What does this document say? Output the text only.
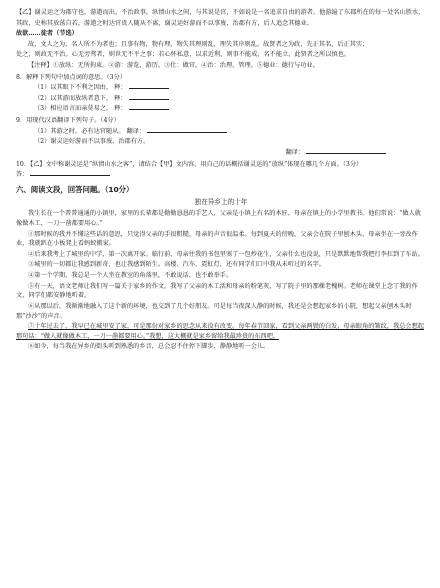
【乙】谢灵运之为郡守也，游遨而出，不治政事，纵情山水之间，与其说是官，不如说是一名追求自由的游者。他游遍了东郡所在的每一处名山胜水，
其政，史称其放荡自若，游遨之时达官贵人随从不离，谢灵运好游而不以事废，治郡有方，后人追念其德业。
故欲……徒者（节选）
故，文人之为，名人所不为者也；且事有物，物有理，物失其理则乱，理失其序则乱。故贤者之为政，先正其名，后正其实；
处之，则政无不治。心无旁骛者，则世无不平之事；若心怀私意，以求近利，则事不能成，名不能立，此贤者之所以慎也。
【注释】①放纵：无所拘束。②游：游览，游历。③仕：做官。④治：治理，管理。⑤德业：德行与功业。
8．解释下列句中加点词的意思。（3分）
（1）以其眼下不利之因由， 释：
（2）以其游而放纵者意下， 释：
（3）相应语言而亲莫易之， 释：
9．用现代汉语翻译下列句子。（4分）
（1）其游之时，必有达官随从。 翻译：
（2）谢灵运好游而不以事废，治郡有方。
翻译：
10．【乙】文中称谢灵运是“纵情山水之客”，请结合【甲】文内容，用自己的话概括谢灵运的“放纵”体现在哪几个方面。（3分）
答：
六、阅读文段，回答问题。（10分）
独在异乡上的十年
我生长在一个普普通通的小镇里，家里的长辈都是勤勤恳恳的手艺人，父亲是小镇上有名的木匠，母亲在镇上的小学里教书。他们常说：“做人就像做木工，一刀一凿都要用心。”
①那时候的我并不懂这些话的意思，只觉得父亲的手很粗糙，母亲的声音很温柔。每到夏天的傍晚，父亲会在院子里刨木头，母亲坐在一旁改作业，我就趴在小板凳上看蚂蚁搬家。
②后来我考上了城里的中学，第一次离开家。临行前，母亲往我的书包里塞了一包炒花生，父亲什么也没说，只是默默地帮我把行李扛到了车站。
③城里的一切都让我感到新奇，也让我感到陌生。高楼、汽车、霓虹灯，还有同学们口中我从未听过的名字。
④第一个学期，我总是一个人坐在教室的角落里，不敢说话，也不敢举手。
⑤有一天，语文老师让我们写一篇关于家乡的作文。我写了父亲的木工活和母亲的粉笔灰，写了院子里的那棵老槐树。老师在课堂上念了我的作文，同学们都安静地听着。
⑥从那以后，我渐渐地融入了这个新的环境，也交到了几个好朋友。可是每当夜深人静的时候，我还是会想起家乡的小院，想起父亲刨木头时那“沙沙”的声音。
⑦十年过去了，我早已在城里安了家，可是那份对家乡的思念从来没有改变。每年春节回家，看到父亲两鬓的白发，母亲眼角的皱纹，我总会想起那句话：“做人就像做木工，一刀一凿都要用心。”我想，这大概就是家乡留给我最珍贵的东西吧。
⑧如今，每当我在异乡的街头听到熟悉的乡音，总会忍不住停下脚步，静静地听一会儿。
